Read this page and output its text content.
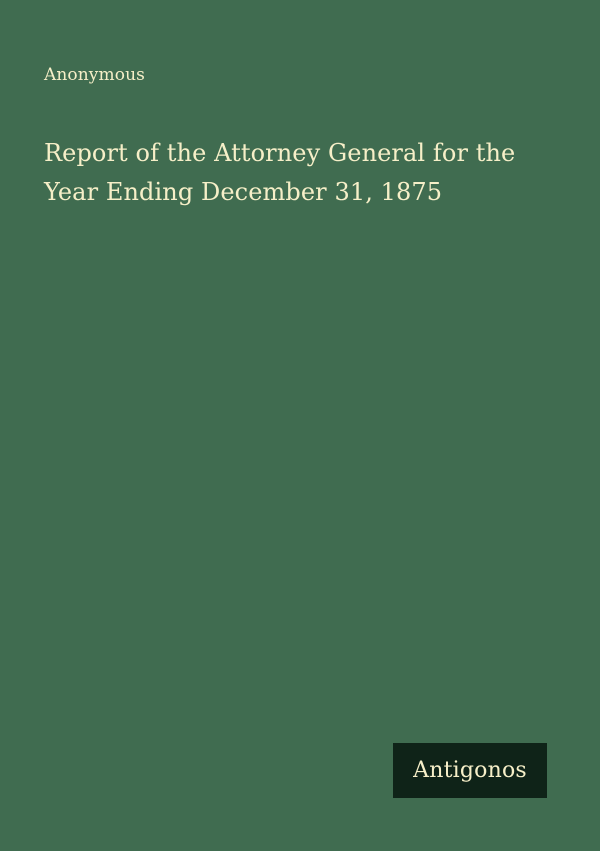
Anonymous
Report of the Attorney General for the Year Ending December 31, 1875
Antigonos
